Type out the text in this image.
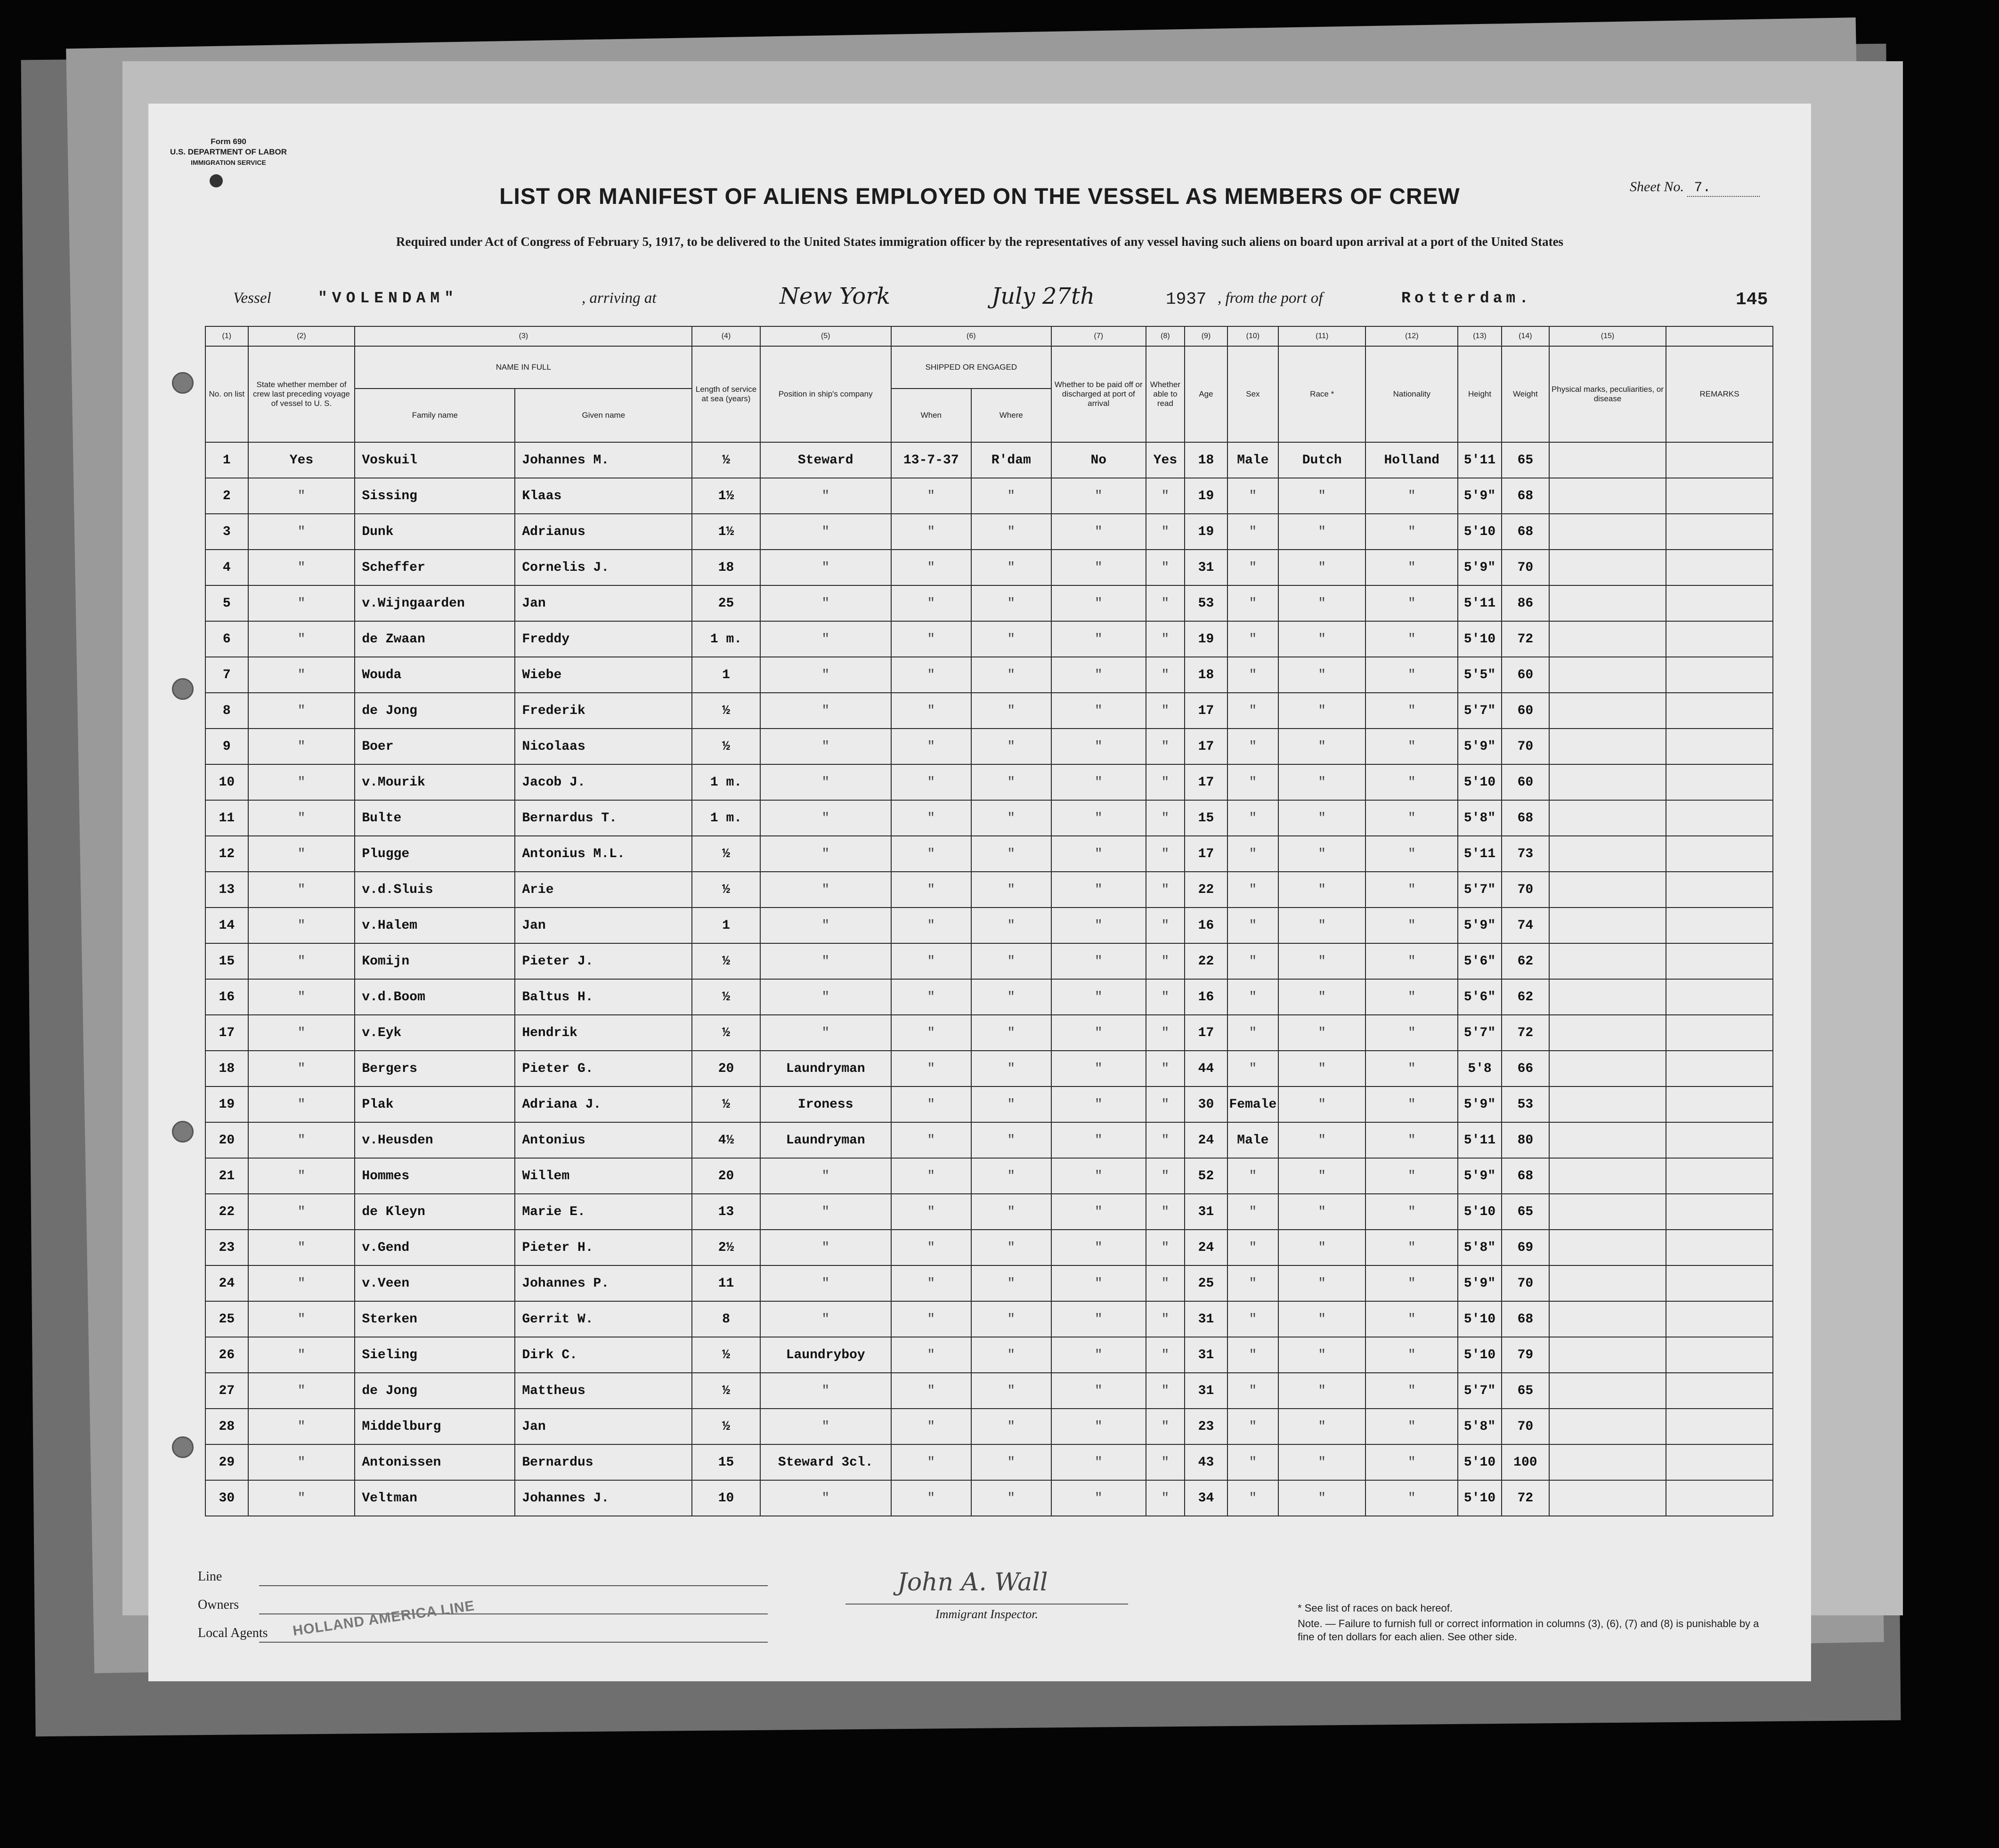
Form 690
U.S. DEPARTMENT OF LABOR
IMMIGRATION SERVICE
Sheet No. 7.
LIST OR MANIFEST OF ALIENS EMPLOYED ON THE VESSEL AS MEMBERS OF CREW
Required under Act of Congress of February 5, 1917, to be delivered to the United States immigration officer by the representatives of any vessel having such aliens on board upon arrival at a port of the United States
Vessel	"VOLENDAM"	, arriving at	New York	July 27th	1937 , from the port of	Rotterdam.	145
(1)	(2)	(3)		(4)	(5)	(6)		(7)	(8)	(9)	(10)	(11)	(12)	(13)	(14)	(15)	
No. on list	State whether member of crew last preceding voyage of vessel to U. S.	NAME IN FULL		Length of service at sea (years)	Position in ship's company	SHIPPED OR ENGAGED		Whether to be paid off or discharged at port of arrival	Whether able to read	Age	Sex	Race *	Nationality	Height	Weight	Physical marks, peculiarities, or disease	REMARKS
		Family name	Given name			When	Where										
1	Yes	Voskuil	Johannes M.	½	Steward	13-7-37	R'dam	No	Yes	18	Male	Dutch	Holland	5'11	65		
2	"	Sissing	Klaas	1½	"	"	"	"	"	19	"	"	"	5'9"	68		
3	"	Dunk	Adrianus	1½	"	"	"	"	"	19	"	"	"	5'10	68		
4	"	Scheffer	Cornelis J.	18	"	"	"	"	"	31	"	"	"	5'9"	70		
5	"	v.Wijngaarden	Jan	25	"	"	"	"	"	53	"	"	"	5'11	86		
6	"	de Zwaan	Freddy	1 m.	"	"	"	"	"	19	"	"	"	5'10	72		
7	"	Wouda	Wiebe	1	"	"	"	"	"	18	"	"	"	5'5"	60		
8	"	de Jong	Frederik	½	"	"	"	"	"	17	"	"	"	5'7"	60		
9	"	Boer	Nicolaas	½	"	"	"	"	"	17	"	"	"	5'9"	70		
10	"	v.Mourik	Jacob J.	1 m.	"	"	"	"	"	17	"	"	"	5'10	60		
11	"	Bulte	Bernardus T.	1 m.	"	"	"	"	"	15	"	"	"	5'8"	68		
12	"	Plugge	Antonius M.L.	½	"	"	"	"	"	17	"	"	"	5'11	73		
13	"	v.d.Sluis	Arie	½	"	"	"	"	"	22	"	"	"	5'7"	70		
14	"	v.Halem	Jan	1	"	"	"	"	"	16	"	"	"	5'9"	74		
15	"	Komijn	Pieter J.	½	"	"	"	"	"	22	"	"	"	5'6"	62		
16	"	v.d.Boom	Baltus H.	½	"	"	"	"	"	16	"	"	"	5'6"	62		
17	"	v.Eyk	Hendrik	½	"	"	"	"	"	17	"	"	"	5'7"	72		
18	"	Bergers	Pieter G.	20	Laundryman	"	"	"	"	44	"	"	"	5'8	66		
19	"	Plak	Adriana J.	½	Ironess	"	"	"	"	30	Female	"	"	5'9"	53		
20	"	v.Heusden	Antonius	4½	Laundryman	"	"	"	"	24	Male	"	"	5'11	80		
21	"	Hommes	Willem	20	"	"	"	"	"	52	"	"	"	5'9"	68		
22	"	de Kleyn	Marie E.	13	"	"	"	"	"	31	"	"	"	5'10	65		
23	"	v.Gend	Pieter H.	2½	"	"	"	"	"	24	"	"	"	5'8"	69		
24	"	v.Veen	Johannes P.	11	"	"	"	"	"	25	"	"	"	5'9"	70		
25	"	Sterken	Gerrit W.	8	"	"	"	"	"	31	"	"	"	5'10	68		
26	"	Sieling	Dirk C.	½	Laundryboy	"	"	"	"	31	"	"	"	5'10	79		
27	"	de Jong	Mattheus	½	"	"	"	"	"	31	"	"	"	5'7"	65		
28	"	Middelburg	Jan	½	"	"	"	"	"	23	"	"	"	5'8"	70		
29	"	Antonissen	Bernardus	15	Steward 3cl.	"	"	"	"	43	"	"	"	5'10	100		
30	"	Veltman	Johannes J.	10	"	"	"	"	"	34	"	"	"	5'10	72		
Line
Owners
Local Agents HOLLAND AMERICA LINE
John A. Wall
Immigrant Inspector.	* See list of races on back hereof.
Note. — Failure to furnish full or correct information in columns (3), (6), (7) and (8) is punishable by a fine of ten dollars for each alien. See other side.
